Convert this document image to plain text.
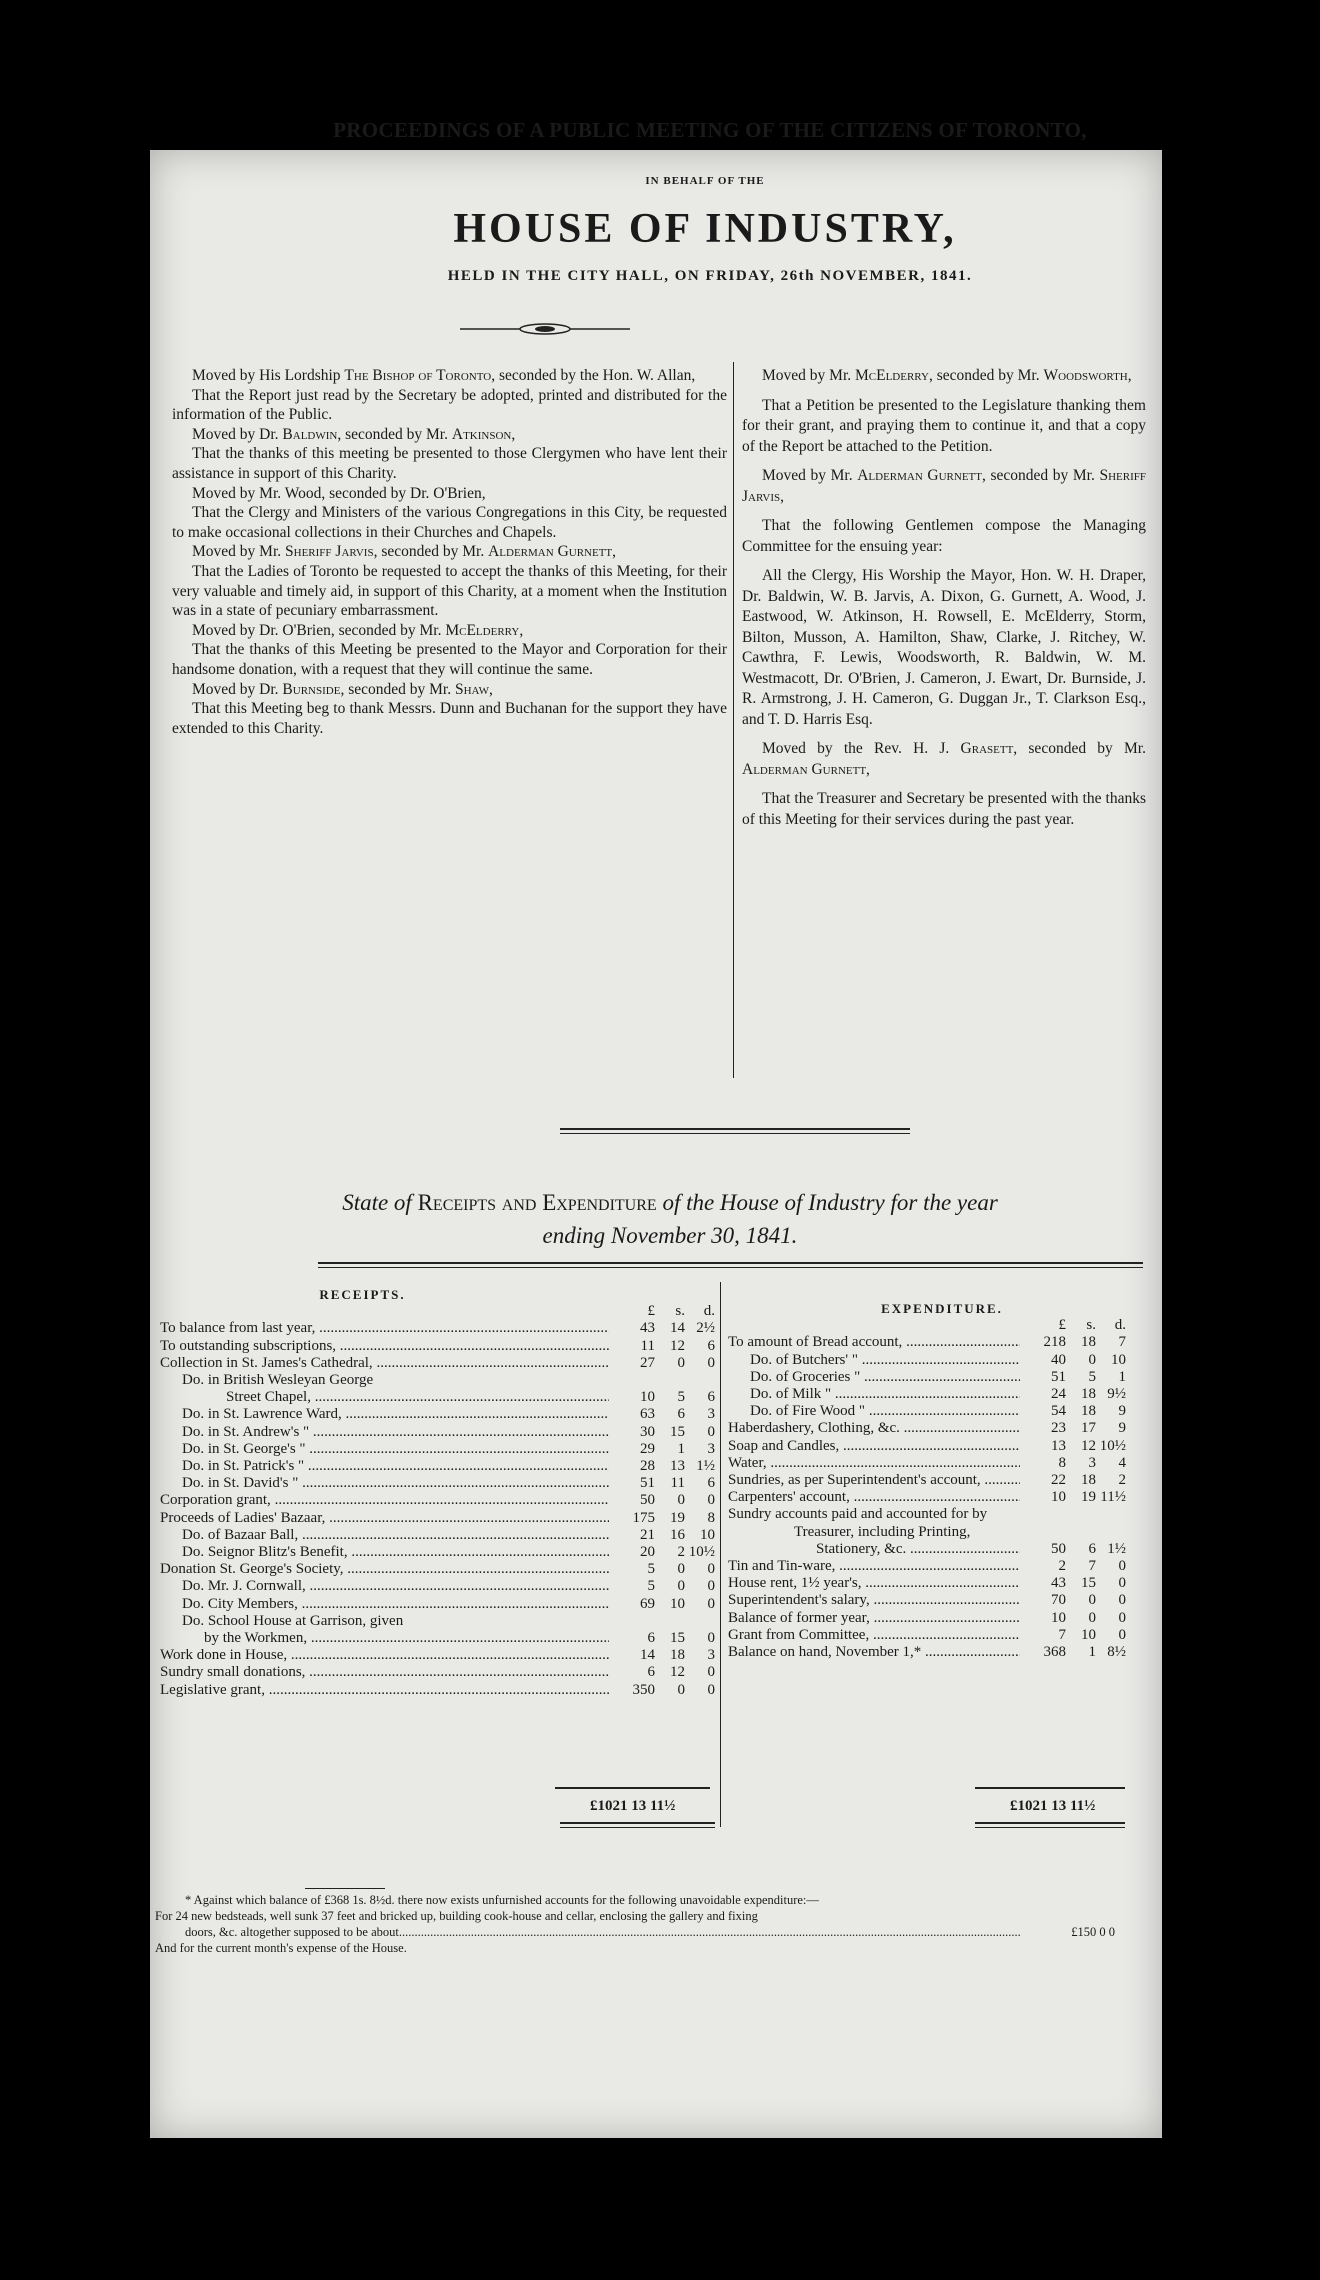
PROCEEDINGS OF A PUBLIC MEETING OF THE CITIZENS OF TORONTO,
IN BEHALF OF THE
HOUSE OF INDUSTRY,
HELD IN THE CITY HALL, ON FRIDAY, 26th NOVEMBER, 1841.

Moved by His Lordship The Bishop of Toronto, seconded by the Hon. W. Allan,

That the Report just read by the Secretary be adopted, printed and distributed for the information of the Public.

Moved by Dr. Baldwin, seconded by Mr. Atkinson,

That the thanks of this meeting be presented to those Clergymen who have lent their assistance in support of this Charity.

Moved by Mr. Wood, seconded by Dr. O'Brien,

That the Clergy and Ministers of the various Congregations in this City, be requested to make occasional collections in their Churches and Chapels.

Moved by Mr. Sheriff Jarvis, seconded by Mr. Alderman Gurnett,

That the Ladies of Toronto be requested to accept the thanks of this Meeting, for their very valuable and timely aid, in support of this Charity, at a moment when the Institution was in a state of pecuniary embarrassment.

Moved by Dr. O'Brien, seconded by Mr. McElderry,

That the thanks of this Meeting be presented to the Mayor and Corporation for their handsome donation, with a request that they will continue the same.

Moved by Dr. Burnside, seconded by Mr. Shaw,

That this Meeting beg to thank Messrs. Dunn and Buchanan for the support they have extended to this Charity.

Moved by Mr. McElderry, seconded by Mr. Woodsworth,

That a Petition be presented to the Legislature thanking them for their grant, and praying them to continue it, and that a copy of the Report be attached to the Petition.

Moved by Mr. Alderman Gurnett, seconded by Mr. Sheriff Jarvis,

That the following Gentlemen compose the Managing Committee for the ensuing year:

All the Clergy, His Worship the Mayor, Hon. W. H. Draper, Dr. Baldwin, W. B. Jarvis, A. Dixon, G. Gurnett, A. Wood, J. Eastwood, W. Atkinson, H. Rowsell, E. McElderry, Storm, Bilton, Musson, A. Hamilton, Shaw, Clarke, J. Ritchey, W. Cawthra, F. Lewis, Woodsworth, R. Baldwin, W. M. Westmacott, Dr. O'Brien, J. Cameron, J. Ewart, Dr. Burnside, J. R. Armstrong, J. H. Cameron, G. Duggan Jr., T. Clarkson Esq., and T. D. Harris Esq.

Moved by the Rev. H. J. Grasett, seconded by Mr. Alderman Gurnett,

That the Treasurer and Secretary be presented with the thanks of this Meeting for their services during the past year.

State of Receipts and Expenditure of the House of Industry for the year
ending November 30, 1841.
RECEIPTS.
£	s.	d.
To balance from last year, .....	43	14 2½
To outstanding subscriptions, .....	11	12	6
Collection in St. James's Cathedral, .....	27	0	0
Do. in British Wesleyan George
Street Chapel, .....	10	5	6
Do. in St. Lawrence Ward, .....	63	6	3
Do. in St. Andrew's " .....	30	15	0
Do. in St. George's " .....	29	1	3
Do. in St. Patrick's " .....	28	13 1½
Do. in St. David's " .....	51	11	6
Corporation grant, .....	50	0	0
Proceeds of Ladies' Bazaar, .....	175	19	8
Do. of Bazaar Ball, .....	21	16	10
Do. Seignor Blitz's Benefit, .....	20	2 10½
Donation St. George's Society, .....	5	0	0
Do. Mr. J. Cornwall, .....	5	0	0
Do. City Members, .....	69	10	0
Do. School House at Garrison, given
by the Workmen, .....	6	15	0
Work done in House, .....	14	18	3
Sundry small donations, .....	6	12	0
Legislative grant, .....	350	0	0
EXPENDITURE.
£	s.	d.
To amount of Bread account, .....	218	18	7
Do. of Butchers' " .....	40	0	10
Do. of Groceries " .....	51	5	1
Do. of Milk " .....	24	18 9½
Do. of Fire Wood " .....	54	18	9
Haberdashery, Clothing, &c. .....	23	17	9
Soap and Candles, .....	13	12 10½
Water, .....	8	3	4
Sundries, as per Superintendent's account, .....	22	18	2
Carpenters' account, .....	10	19 11½
Sundry accounts paid and accounted for by
Treasurer, including Printing,
Stationery, &c. .....	50	6 1½
Tin and Tin-ware, .....	2	7	0
House rent, 1½ year's, .....	43	15	0
Superintendent's salary, .....	70	0	0
Balance of former year, .....	10	0	0
Grant from Committee, .....	7	10	0
Balance on hand, November 1,* .....	368	1 8½
£1021 13 11½	£1021 13 11½

* Against which balance of £368 1s. 8½d. there now exists unfurnished accounts for the following unavoidable expenditure:—

For 24 new bedsteads, well sunk 37 feet and bricked up, building cook-house and cellar, enclosing the gallery and fixing

doors, &c. altogether supposed to be about.......................................................................................................................................................................................................	£150 0 0

And for the current month's expense of the House.
